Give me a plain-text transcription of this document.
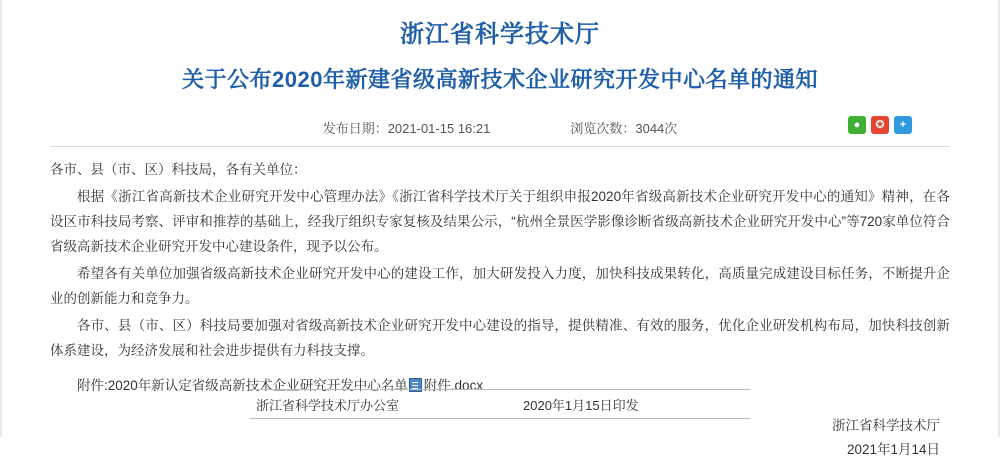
浙江省科学技术厅
关于公布2020年新建省级高新技术企业研究开发中心名单的通知
发布日期：2021-01-15 16:21	浏览次数：3044次	●	✪	+

各市、县（市、区）科技局，各有关单位：

根据《浙江省高新技术企业研究开发中心管理办法》《浙江省科学技术厅关于组织申报2020年省级高新技术企业研究开发中心的通知》精神，在各设区市科技局考察、评审和推荐的基础上，经我厅组织专家复核及结果公示，“杭州全景医学影像诊断省级高新技术企业研究开发中心”等720家单位符合省级高新技术企业研究开发中心建设条件，现予以公布。

希望各有关单位加强省级高新技术企业研究开发中心的建设工作，加大研发投入力度，加快科技成果转化，高质量完成建设目标任务，不断提升企业的创新能力和竞争力。

各市、县（市、区）科技局要加强对省级高新技术企业研究开发中心建设的指导，提供精准、有效的服务，优化企业研发机构布局，加快科技创新体系建设，为经济发展和社会进步提供有力科技支撑。

附件:2020年新认定省级高新技术企业研究开发中心名单 附件.docx
浙江省科学技术厅
2021年1月14日
浙江省科学技术厅办公室	2020年1月15日印发
